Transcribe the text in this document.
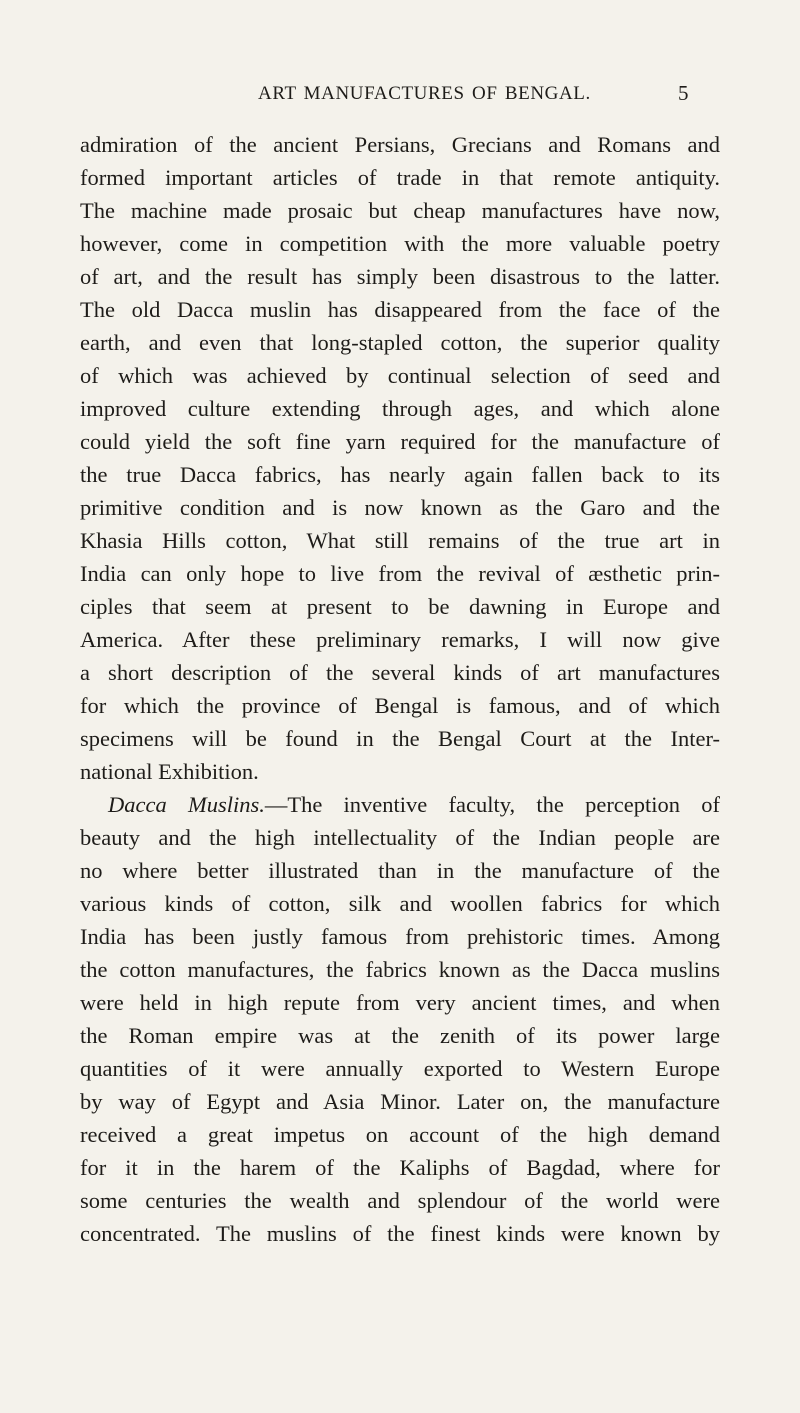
ART MANUFACTURES OF BENGAL.	5
admiration of the ancient Persians, Grecians and Romans and
formed important articles of trade in that remote antiquity.
The machine made prosaic but cheap manufactures have now,
however, come in competition with the more valuable poetry
of art, and the result has simply been disastrous to the latter.
The old Dacca muslin has disappeared from the face of the
earth, and even that long-stapled cotton, the superior quality
of which was achieved by continual selection of seed and
improved culture extending through ages, and which alone
could yield the soft fine yarn required for the manufacture of
the true Dacca fabrics, has nearly again fallen back to its
primitive condition and is now known as the Garo and the
Khasia Hills cotton, What still remains of the true art in
India can only hope to live from the revival of æsthetic prin-
ciples that seem at present to be dawning in Europe and
America. After these preliminary remarks, I will now give
a short description of the several kinds of art manufactures
for which the province of Bengal is famous, and of which
specimens will be found in the Bengal Court at the Inter-
national Exhibition.
Dacca Muslins.—The inventive faculty, the perception of
beauty and the high intellectuality of the Indian people are
no where better illustrated than in the manufacture of the
various kinds of cotton, silk and woollen fabrics for which
India has been justly famous from prehistoric times. Among
the cotton manufactures, the fabrics known as the Dacca muslins
were held in high repute from very ancient times, and when
the Roman empire was at the zenith of its power large
quantities of it were annually exported to Western Europe
by way of Egypt and Asia Minor. Later on, the manufacture
received a great impetus on account of the high demand
for it in the harem of the Kaliphs of Bagdad, where for
some centuries the wealth and splendour of the world were
concentrated. The muslins of the finest kinds were known by
